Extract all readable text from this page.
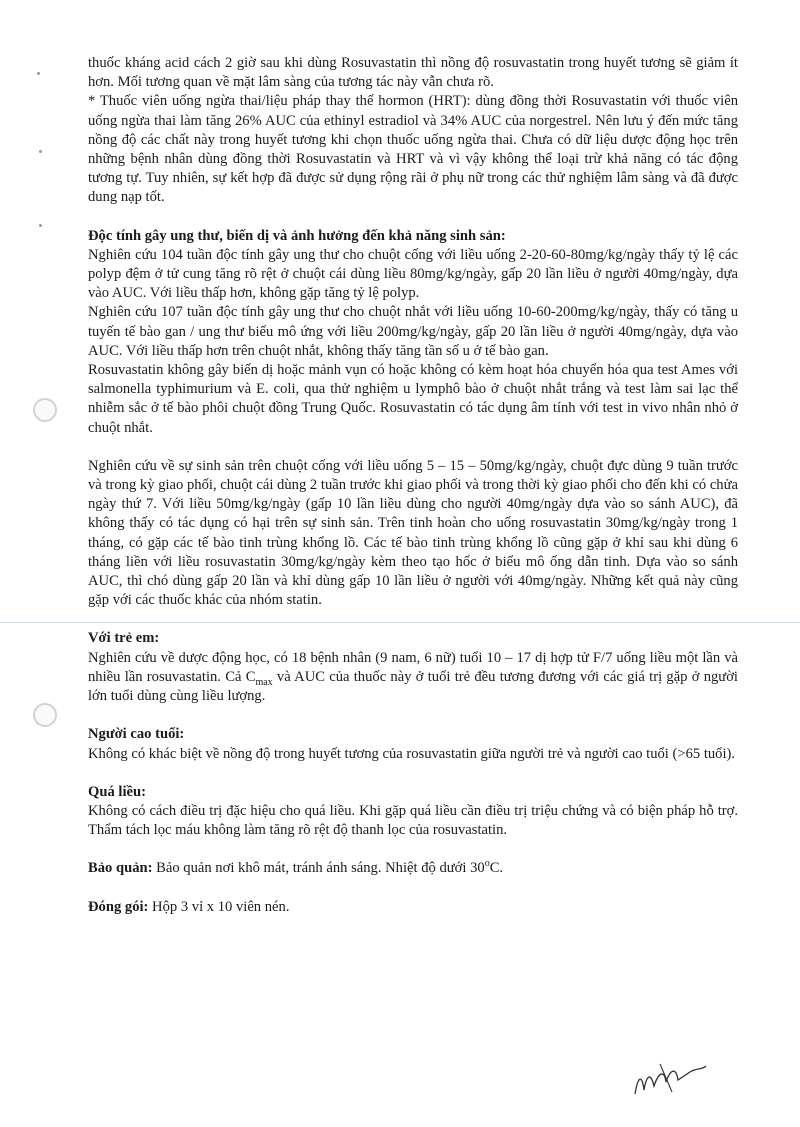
thuốc kháng acid cách 2 giờ sau khi dùng Rosuvastatin thì nồng độ rosuvastatin trong huyết tương sẽ giảm ít hơn. Mối tương quan về mặt lâm sàng của tương tác này vẫn chưa rõ.

* Thuốc viên uống ngừa thai/liệu pháp thay thế hormon (HRT): dùng đồng thời Rosuvastatin với thuốc viên uống ngừa thai làm tăng 26% AUC của ethinyl estradiol và 34% AUC của norgestrel. Nên lưu ý đến mức tăng nồng độ các chất này trong huyết tương khi chọn thuốc uống ngừa thai. Chưa có dữ liệu dược động học trên những bệnh nhân dùng đồng thời Rosuvastatin và HRT và vì vậy không thể loại trừ khả năng có tác động tương tự. Tuy nhiên, sự kết hợp đã được sử dụng rộng rãi ở phụ nữ trong các thử nghiệm lâm sàng và đã được dung nạp tốt.

Độc tính gây ung thư, biến dị và ảnh hưởng đến khả năng sinh sản:

Nghiên cứu 104 tuần độc tính gây ung thư cho chuột cống với liều uống 2-20-60-80mg/kg/ngày thấy tỷ lệ các polyp đệm ở tử cung tăng rõ rệt ở chuột cái dùng liều 80mg/kg/ngày, gấp 20 lần liều ở người 40mg/ngày, dựa vào AUC. Với liều thấp hơn, không gặp tăng tỷ lệ polyp.

Nghiên cứu 107 tuần độc tính gây ung thư cho chuột nhắt với liều uống 10-60-200mg/kg/ngày, thấy có tăng u tuyến tế bào gan / ung thư biểu mô ứng với liều 200mg/kg/ngày, gấp 20 lần liều ở người 40mg/ngày, dựa vào AUC. Với liều thấp hơn trên chuột nhắt, không thấy tăng tần số u ở tế bào gan.

Rosuvastatin không gây biến dị hoặc mảnh vụn có hoặc không có kèm hoạt hóa chuyển hóa qua test Ames với salmonella typhimurium và E. coli, qua thử nghiệm u lymphô bào ở chuột nhắt trắng và test làm sai lạc thể nhiễm sắc ở tế bào phôi chuột đồng Trung Quốc. Rosuvastatin có tác dụng âm tính với test in vivo nhân nhỏ ở chuột nhắt.

Nghiên cứu về sự sinh sản trên chuột cống với liều uống 5 – 15 – 50mg/kg/ngày, chuột đực dùng 9 tuần trước và trong kỳ giao phối, chuột cái dùng 2 tuần trước khi giao phối và trong thời kỳ giao phối cho đến khi có chửa ngày thứ 7. Với liều 50mg/kg/ngày (gấp 10 lần liều dùng cho người 40mg/ngày dựa vào so sánh AUC), đã không thấy có tác dụng có hại trên sự sinh sản. Trên tinh hoàn cho uống rosuvastatin 30mg/kg/ngày trong 1 tháng, có gặp các tế bào tinh trùng khổng lồ. Các tế bào tinh trùng khổng lồ cũng gặp ở khỉ sau khi dùng 6 tháng liền với liều rosuvastatin 30mg/kg/ngày kèm theo tạo hốc ở biểu mô ống dẫn tinh. Dựa vào so sánh AUC, thì chó dùng gấp 20 lần và khỉ dùng gấp 10 lần liều ở người với 40mg/ngày. Những kết quả này cũng gặp với các thuốc khác của nhóm statin.

Với trẻ em:

Nghiên cứu về dược động học, có 18 bệnh nhân (9 nam, 6 nữ) tuổi 10 – 17 dị hợp tử F/7 uống liều một lần và nhiều lần rosuvastatin. Cả $C_{max}$ và AUC của thuốc này ở tuổi trẻ đều tương đương với các giá trị gặp ở người lớn tuổi dùng cùng liều lượng.

Người cao tuổi:

Không có khác biệt về nồng độ trong huyết tương của rosuvastatin giữa người trẻ và người cao tuổi (>65 tuổi).

Quá liều:

Không có cách điều trị đặc hiệu cho quá liều. Khi gặp quá liều cần điều trị triệu chứng và có biện pháp hỗ trợ. Thẩm tách lọc máu không làm tăng rõ rệt độ thanh lọc của rosuvastatin.

Bảo quản: Bảo quản nơi khô mát, tránh ánh sáng. Nhiệt độ dưới 30$^o$C.

Đóng gói: Hộp 3 vỉ x 10 viên nén.
